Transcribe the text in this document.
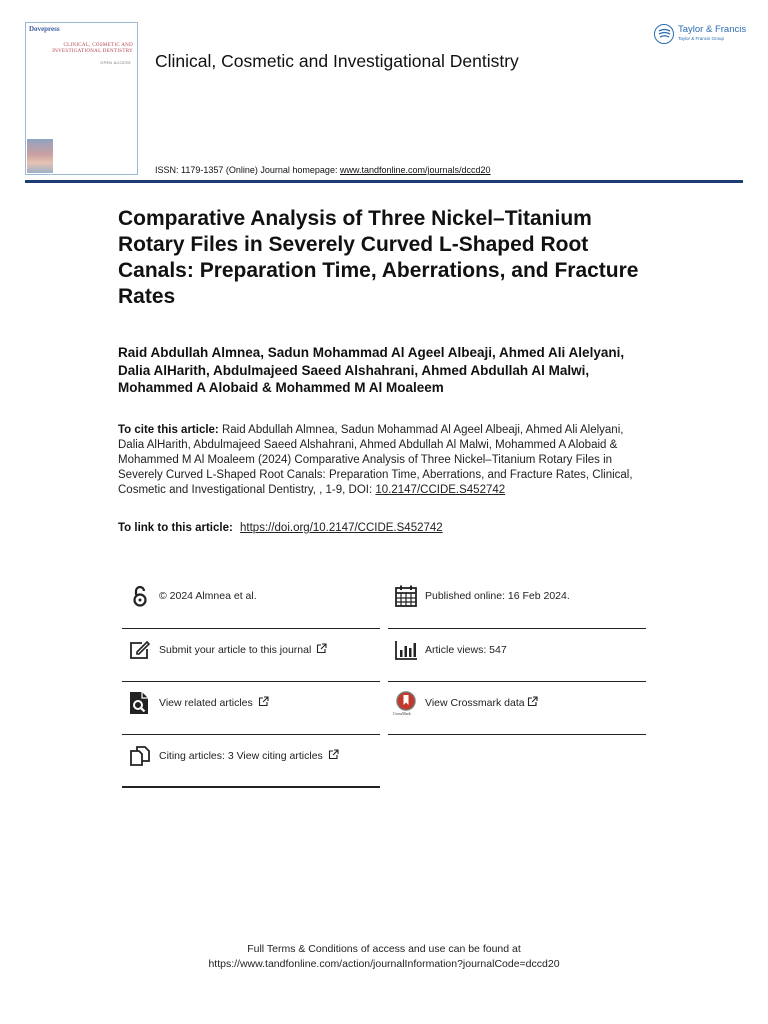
Dovepress
CLINICAL, COSMETIC AND
INVESTIGATIONAL DENTISTRY
OPEN ACCESS Clinical, Cosmetic and Investigational Dentistry
ISSN: 1179-1357 (Online) Journal homepage: www.tandfonline.com/journals/dccd20
Taylor & Francis
Taylor & Francis Group
Comparative Analysis of Three Nickel–Titanium Rotary Files in Severely Curved L-Shaped Root Canals: Preparation Time, Aberrations, and Fracture Rates
Raid Abdullah Almnea, Sadun Mohammad Al Ageel Albeaji, Ahmed Ali Alelyani, Dalia AlHarith, Abdulmajeed Saeed Alshahrani, Ahmed Abdullah Al Malwi, Mohammed A Alobaid & Mohammed M Al Moaleem
To cite this article: Raid Abdullah Almnea, Sadun Mohammad Al Ageel Albeaji, Ahmed Ali Alelyani, Dalia AlHarith, Abdulmajeed Saeed Alshahrani, Ahmed Abdullah Al Malwi, Mohammed A Alobaid & Mohammed M Al Moaleem (2024) Comparative Analysis of Three Nickel–Titanium Rotary Files in Severely Curved L-Shaped Root Canals: Preparation Time, Aberrations, and Fracture Rates, Clinical, Cosmetic and Investigational Dentistry, , 1-9, DOI: 10.2147/CCIDE.S452742
To link to this article: https://doi.org/10.2147/CCIDE.S452742
© 2024 Almnea et al.	Published online: 16 Feb 2024.
Submit your article to this journal	Article views: 547
View related articles
CrossMark
View Crossmark data
Citing articles: 3 View citing articles
Full Terms & Conditions of access and use can be found at
https://www.tandfonline.com/action/journalInformation?journalCode=dccd20
